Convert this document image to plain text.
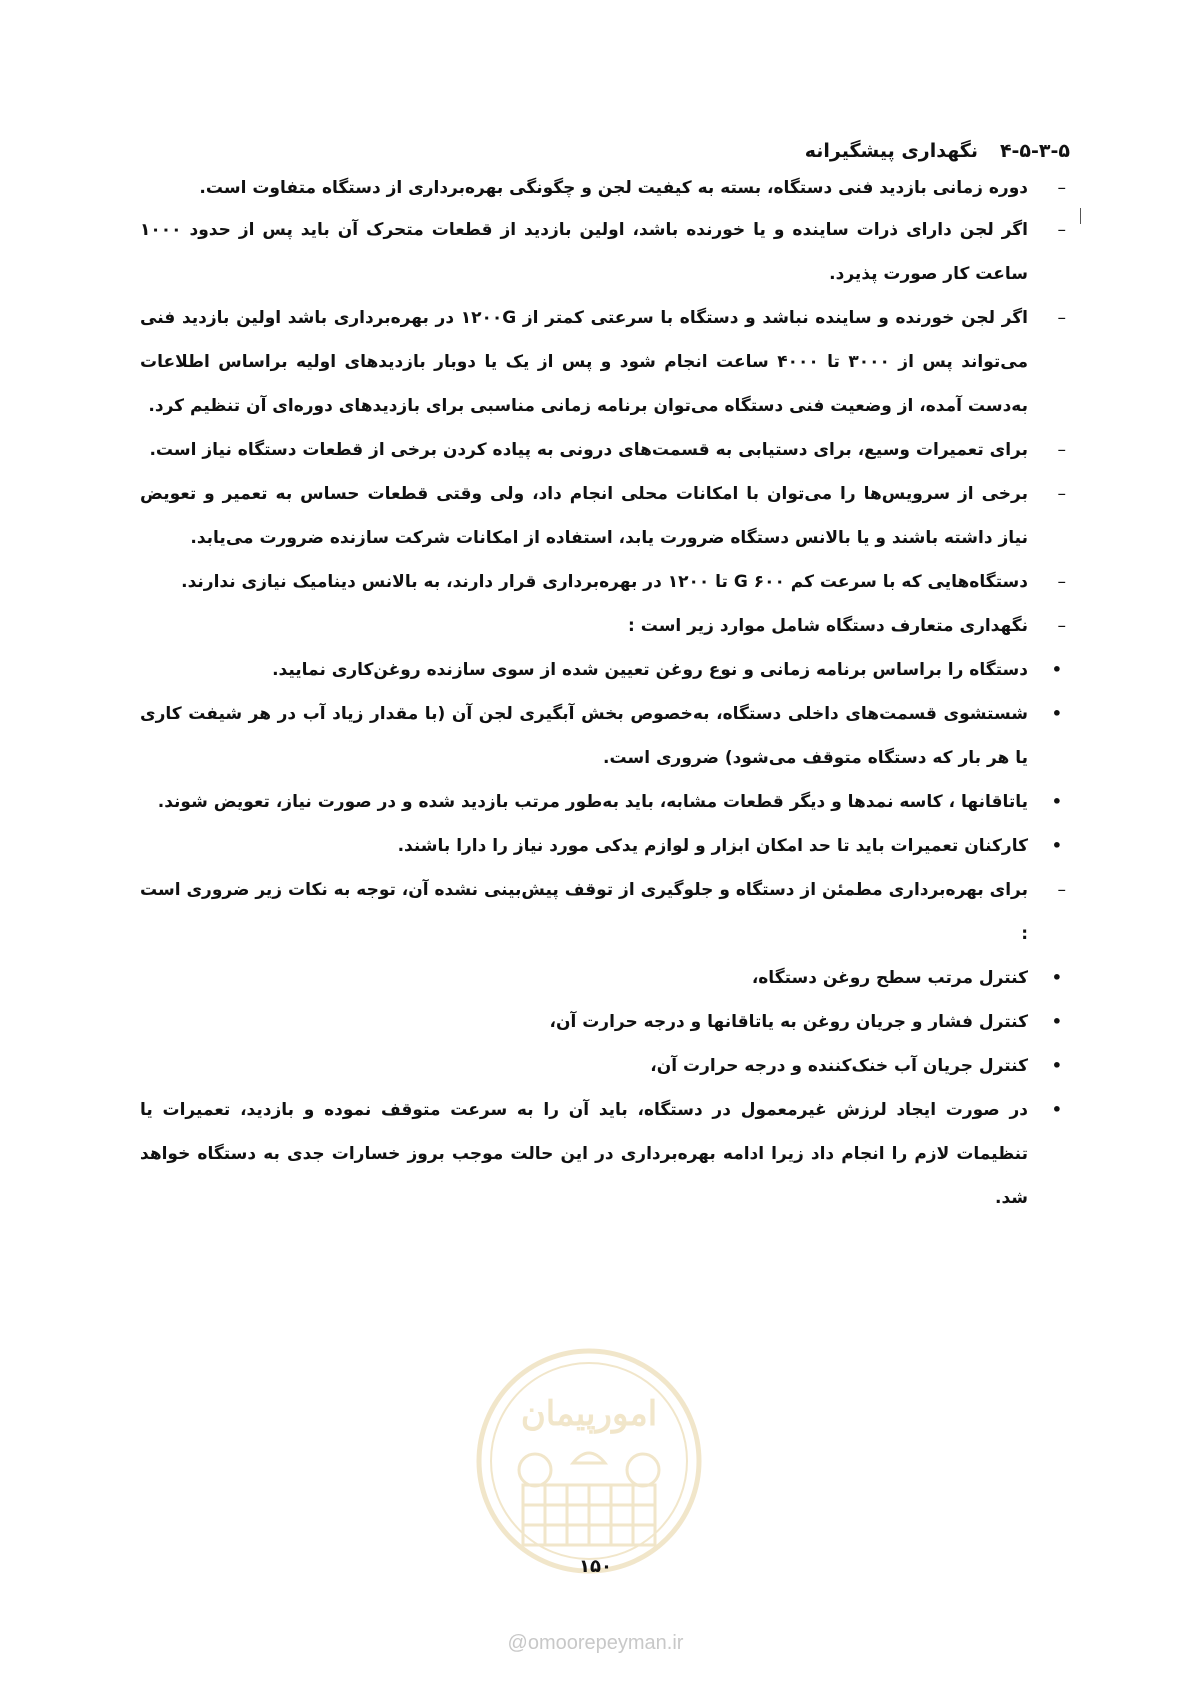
۴-۵-۳-۵نگهداری پیشگیرانه
– دوره زمانی بازدید فنی دستگاه، بسته به کیفیت لجن و چگونگی بهره‌برداری از دستگاه متفاوت است.
– اگر لجن دارای ذرات ساینده و یا خورنده باشد، اولین بازدید از قطعات متحرک آن باید پس از حدود ۱۰۰۰ ساعت کار صورت پذیرد.
– اگر لجن خورنده و ساینده نباشد و دستگاه با سرعتی کمتر از ۱۲۰۰G در بهره‌برداری باشد اولین بازدید فنی می‌تواند پس از ۳۰۰۰ تا ۴۰۰۰ ساعت انجام شود و پس از یک یا دوبار بازدیدهای اولیه براساس اطلاعات به‌دست آمده، از وضعیت فنی دستگاه می‌توان برنامه زمانی مناسبی برای بازدیدهای دوره‌ای آن تنظیم کرد.
– برای تعمیرات وسیع، برای دستیابی به قسمت‌های درونی به پیاده کردن برخی از قطعات دستگاه نیاز است.
– برخی از سرویس‌ها را می‌توان با امکانات محلی انجام داد، ولی وقتی قطعات حساس به تعمیر و تعویض نیاز داشته باشند و یا بالانس دستگاه ضرورت یابد، استفاده از امکانات شرکت سازنده ضرورت می‌یابد.
– دستگاه‌هایی که با سرعت کم ۶۰۰ G تا ۱۲۰۰ در بهره‌برداری قرار دارند، به بالانس دینامیک نیازی ندارند.
– نگهداری متعارف دستگاه شامل موارد زیر است :
• دستگاه را براساس برنامه زمانی و نوع روغن تعیین شده از سوی سازنده روغن‌کاری نمایید.
• شستشوی قسمت‌های داخلی دستگاه، به‌خصوص بخش آبگیری لجن آن (با مقدار زیاد آب در هر شیفت کاری یا هر بار که دستگاه متوقف می‌شود) ضروری است.
• یاتاقانها ، کاسه نمدها و دیگر قطعات مشابه، باید به‌طور مرتب بازدید شده و در صورت نیاز، تعویض شوند.
• کارکنان تعمیرات باید تا حد امکان ابزار و لوازم یدکی مورد نیاز را دارا باشند.
– برای بهره‌برداری مطمئن از دستگاه و جلوگیری از توقف پیش‌بینی نشده آن، توجه به نکات زیر ضروری است :
• کنترل مرتب سطح روغن دستگاه،
• کنترل فشار و جریان روغن به یاتاقانها و درجه حرارت آن،
• کنترل جریان آب خنک‌کننده و درجه حرارت آن،
• در صورت ایجاد لرزش غیرمعمول در دستگاه، باید آن را به سرعت متوقف نموده و بازدید، تعمیرات یا تنظیمات لازم را انجام داد زیرا ادامه بهره‌برداری در این حالت موجب بروز خسارات جدی به دستگاه خواهد شد.
امورپیمان
۱۵۰
@omoorepeyman.ir
